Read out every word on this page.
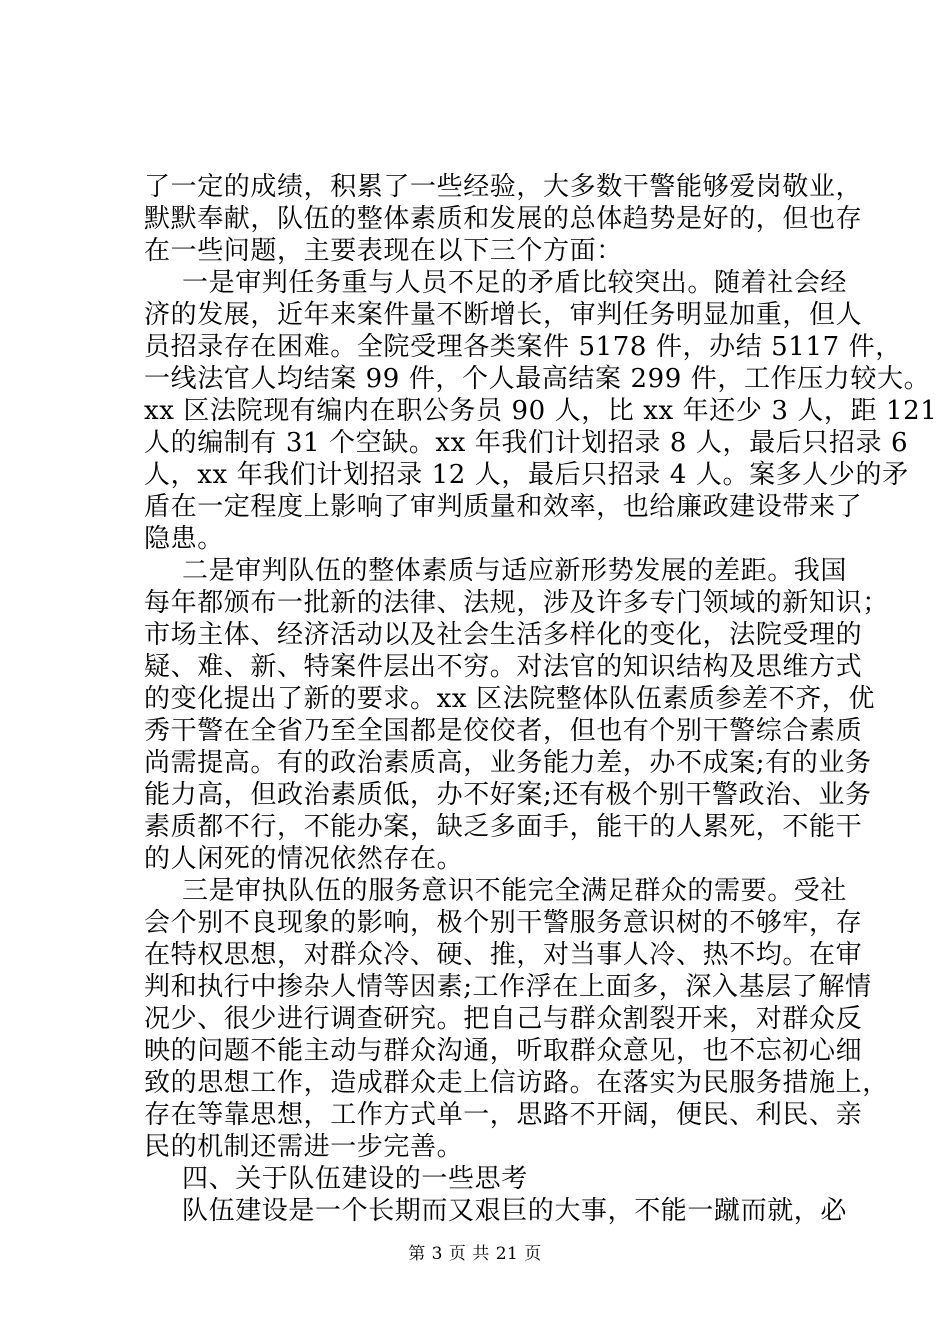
了一定的成绩，积累了一些经验，大多数干警能够爱岗敬业，
默默奉献，队伍的整体素质和发展的总体趋势是好的，但也存
在一些问题，主要表现在以下三个方面：
一是审判任务重与人员不足的矛盾比较突出。随着社会经
济的发展，近年来案件量不断增长，审判任务明显加重，但人
员招录存在困难。全院受理各类案件 5178 件，办结 5117 件，
一线法官人均结案 99 件，个人最高结案 299 件，工作压力较大。
xx 区法院现有编内在职公务员 90 人，比 xx 年还少 3 人，距 121
人的编制有 31 个空缺。xx 年我们计划招录 8 人，最后只招录 6
人，xx 年我们计划招录 12 人，最后只招录 4 人。案多人少的矛
盾在一定程度上影响了审判质量和效率，也给廉政建设带来了
隐患。
二是审判队伍的整体素质与适应新形势发展的差距。我国
每年都颁布一批新的法律、法规，涉及许多专门领域的新知识；
市场主体、经济活动以及社会生活多样化的变化，法院受理的
疑、难、新、特案件层出不穷。对法官的知识结构及思维方式
的变化提出了新的要求。xx 区法院整体队伍素质参差不齐，优
秀干警在全省乃至全国都是佼佼者，但也有个别干警综合素质
尚需提高。有的政治素质高，业务能力差，办不成案;有的业务
能力高，但政治素质低，办不好案;还有极个别干警政治、业务
素质都不行，不能办案，缺乏多面手，能干的人累死，不能干
的人闲死的情况依然存在。
三是审执队伍的服务意识不能完全满足群众的需要。受社
会个别不良现象的影响，极个别干警服务意识树的不够牢，存
在特权思想，对群众冷、硬、推，对当事人冷、热不均。在审
判和执行中掺杂人情等因素;工作浮在上面多，深入基层了解情
况少、很少进行调查研究。把自己与群众割裂开来，对群众反
映的问题不能主动与群众沟通，听取群众意见，也不忘初心细
致的思想工作，造成群众走上信访路。在落实为民服务措施上，
存在等靠思想，工作方式单一，思路不开阔，便民、利民、亲
民的机制还需进一步完善。
四、关于队伍建设的一些思考
队伍建设是一个长期而又艰巨的大事，不能一蹴而就，必
第 3 页 共 21 页
